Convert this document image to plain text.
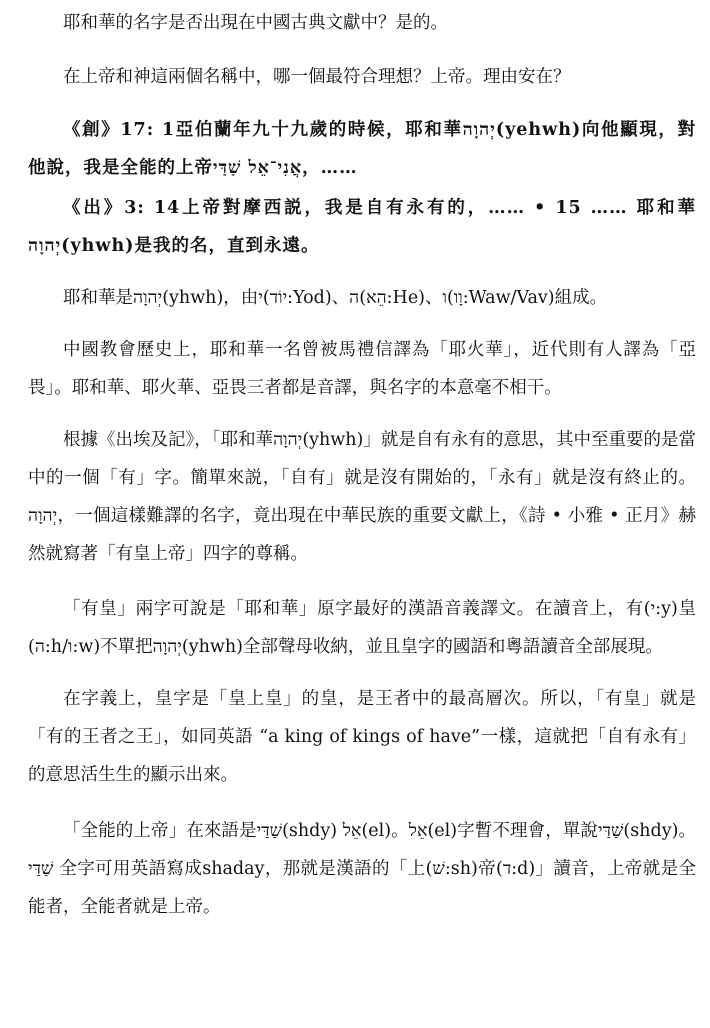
耶和華的名字是否出現在中國古典文獻中？是的。

在上帝和神這兩個名稱中，哪一個最符合理想？上帝。理由安在？

《創》17: 1亞伯蘭年九十九歲的時候，耶和華יְהוָה(yehwh)向他顯現，對他說，我是全能的上帝אֲנִי־אֵל שַׁדַּי，……

《出》3: 14上帝對摩西説，我是自有永有的，…… • 15 …… 耶和華יְהוָה(yhwh)是我的名，直到永遠。

耶和華是יְהוָה(yhwh)，由י(יוֹד:Yod)、ה(הֵא:He)、ו(וָו:Waw/Vav)組成。

中國教會歷史上，耶和華一名曾被馬禮信譯為「耶火華」，近代則有人譯為「亞畏」。耶和華、耶火華、亞畏三者都是音譯，與名字的本意毫不相干。

根據《出埃及記》，「耶和華יְהוָה(yhwh)」就是自有永有的意思，其中至重要的是當中的一個「有」字。簡單來説，「自有」就是沒有開始的，「永有」就是沒有終止的。יְהוָה，一個這樣難譯的名字，竟出現在中華民族的重要文獻上，《詩 • 小雅 • 正月》赫然就寫著「有皇上帝」四字的尊稱。

「有皇」兩字可說是「耶和華」原字最好的漢語音義譯文。在讀音上，有(י:y)皇(ה:h/ו:w)不單把יְהוָה(yhwh)全部聲母收納，並且皇字的國語和粵語讀音全部展現。

在字義上，皇字是「皇上皇」的皇，是王者中的最高層次。所以，「有皇」就是「有的王者之王」，如同英語 “a king of kings of have”一樣，這就把「自有永有」的意思活生生的顯示出來。

「全能的上帝」在來語是שַׁדַּי(shdy) אֵל(el)。אֵל(el)字暫不理會，單說שַׁדַּי(shdy)。שַׁדַּי 全字可用英語寫成shaday，那就是漢語的「上(שׁ:sh)帝(ד:d)」讀音，上帝就是全能者，全能者就是上帝。
